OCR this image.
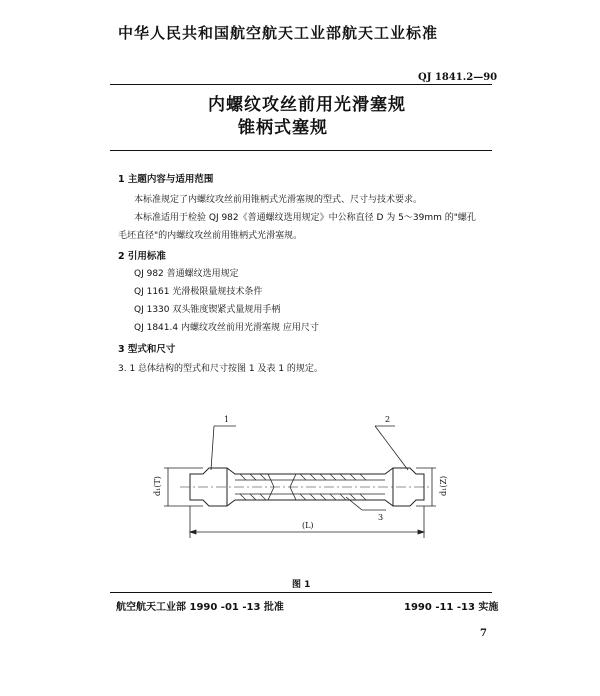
中华人民共和国航空航天工业部航天工业标准
QJ 1841.2—90
内螺纹攻丝前用光滑塞规
锥柄式塞规
1 主题内容与适用范围
本标准规定了内螺纹攻丝前用锥柄式光滑塞规的型式、尺寸与技术要求。
本标准适用于检验 QJ 982《普通螺纹选用规定》中公称直径 D 为 5～39mm 的"螺孔
毛坯直径"的内螺纹攻丝前用锥柄式光滑塞规。
2 引用标准
QJ 982 普通螺纹选用规定
QJ 1161 光滑极限量规技术条件
QJ 1330 双头锥度锲紧式量规用手柄
QJ 1841.4 内螺纹攻丝前用光滑塞规 应用尺寸
3 型式和尺寸
3. 1 总体结构的型式和尺寸按图 1 及表 1 的规定。
1	2
3
d₁(T)	d₁(Z)
(L)
图 1
航空航天工业部 1990 -01 -13 批准	1990 -11 -13 实施
7
